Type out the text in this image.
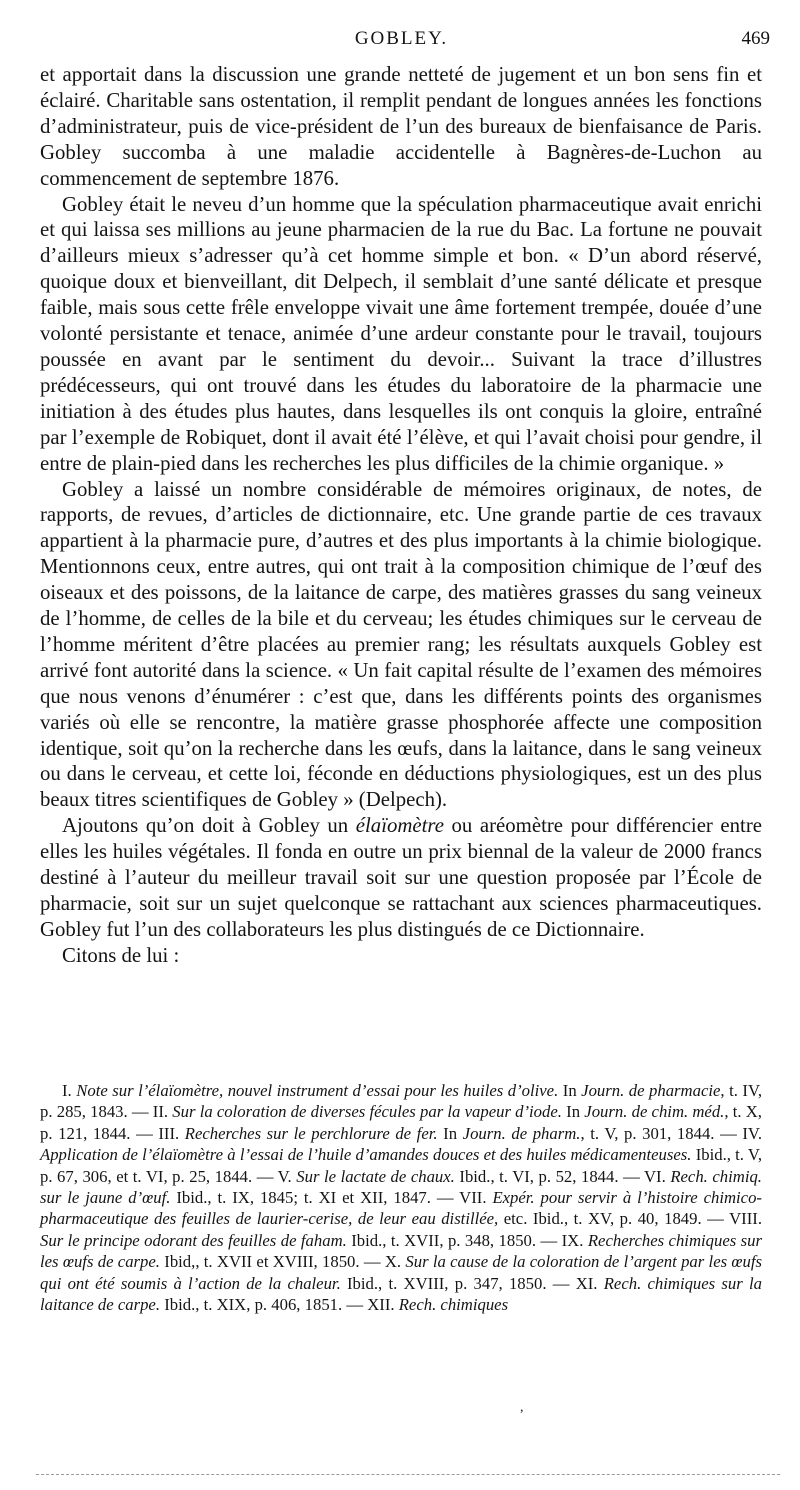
GOBLEY.	469

et apportait dans la discussion une grande netteté de jugement et un bon sens fin et éclairé. Charitable sans ostentation, il remplit pendant de longues années les fonctions d’administrateur, puis de vice-président de l’un des bureaux de bienfaisance de Paris. Gobley succomba à une maladie accidentelle à Bagnères-de-Luchon au commencement de septembre 1876.

Gobley était le neveu d’un homme que la spéculation pharmaceutique avait enrichi et qui laissa ses millions au jeune pharmacien de la rue du Bac. La fortune ne pouvait d’ailleurs mieux s’adresser qu’à cet homme simple et bon. « D’un abord réservé, quoique doux et bienveillant, dit Delpech, il semblait d’une santé délicate et presque faible, mais sous cette frêle enveloppe vivait une âme fortement trempée, douée d’une volonté persistante et tenace, animée d’une ardeur constante pour le travail, toujours poussée en avant par le sentiment du devoir... Suivant la trace d’illustres prédécesseurs, qui ont trouvé dans les études du laboratoire de la pharmacie une initiation à des études plus hautes, dans lesquelles ils ont conquis la gloire, entraîné par l’exemple de Robiquet, dont il avait été l’élève, et qui l’avait choisi pour gendre, il entre de plain-pied dans les recherches les plus difficiles de la chimie organique. »

Gobley a laissé un nombre considérable de mémoires originaux, de notes, de rapports, de revues, d’articles de dictionnaire, etc. Une grande partie de ces travaux appartient à la pharmacie pure, d’autres et des plus importants à la chimie biologique. Mentionnons ceux, entre autres, qui ont trait à la composition chimique de l’œuf des oiseaux et des poissons, de la laitance de carpe, des matières grasses du sang veineux de l’homme, de celles de la bile et du cerveau; les études chimiques sur le cerveau de l’homme méritent d’être placées au premier rang; les résultats auxquels Gobley est arrivé font autorité dans la science. « Un fait capital résulte de l’examen des mémoires que nous venons d’énumérer : c’est que, dans les différents points des organismes variés où elle se rencontre, la matière grasse phosphorée affecte une composition identique, soit qu’on la recherche dans les œufs, dans la laitance, dans le sang veineux ou dans le cerveau, et cette loi, féconde en déductions physiologiques, est un des plus beaux titres scientifiques de Gobley » (Delpech).

Ajoutons qu’on doit à Gobley un élaïomètre ou aréomètre pour différencier entre elles les huiles végétales. Il fonda en outre un prix biennal de la valeur de 2000 francs destiné à l’auteur du meilleur travail soit sur une question proposée par l’École de pharmacie, soit sur un sujet quelconque se rattachant aux sciences pharmaceutiques. Gobley fut l’un des collaborateurs les plus distingués de ce Dictionnaire.

Citons de lui :

I. Note sur l’élaïomètre, nouvel instrument d’essai pour les huiles d’olive. In Journ. de pharmacie, t. IV, p. 285, 1843. — II. Sur la coloration de diverses fécules par la vapeur d’iode. In Journ. de chim. méd., t. X, p. 121, 1844. — III. Recherches sur le perchlorure de fer. In Journ. de pharm., t. V, p. 301, 1844. — IV. Application de l’élaïomètre à l’essai de l’huile d’amandes douces et des huiles médicamenteuses. Ibid., t. V, p. 67, 306, et t. VI, p. 25, 1844. — V. Sur le lactate de chaux. Ibid., t. VI, p. 52, 1844. — VI. Rech. chimiq. sur le jaune d’œuf. Ibid., t. IX, 1845; t. XI et XII, 1847. — VII. Expér. pour servir à l’histoire chimico-pharmaceutique des feuilles de laurier-cerise, de leur eau distillée, etc. Ibid., t. XV, p. 40, 1849. — VIII. Sur le principe odorant des feuilles de faham. Ibid., t. XVII, p. 348, 1850. — IX. Recherches chimiques sur les œufs de carpe. Ibid,, t. XVII et XVIII, 1850. — X. Sur la cause de la coloration de l’argent par les œufs qui ont été soumis à l’action de la chaleur. Ibid., t. XVIII, p. 347, 1850. — XI. Rech. chimiques sur la laitance de carpe. Ibid., t. XIX, p. 406, 1851. — XII. Rech. chimiques

,
